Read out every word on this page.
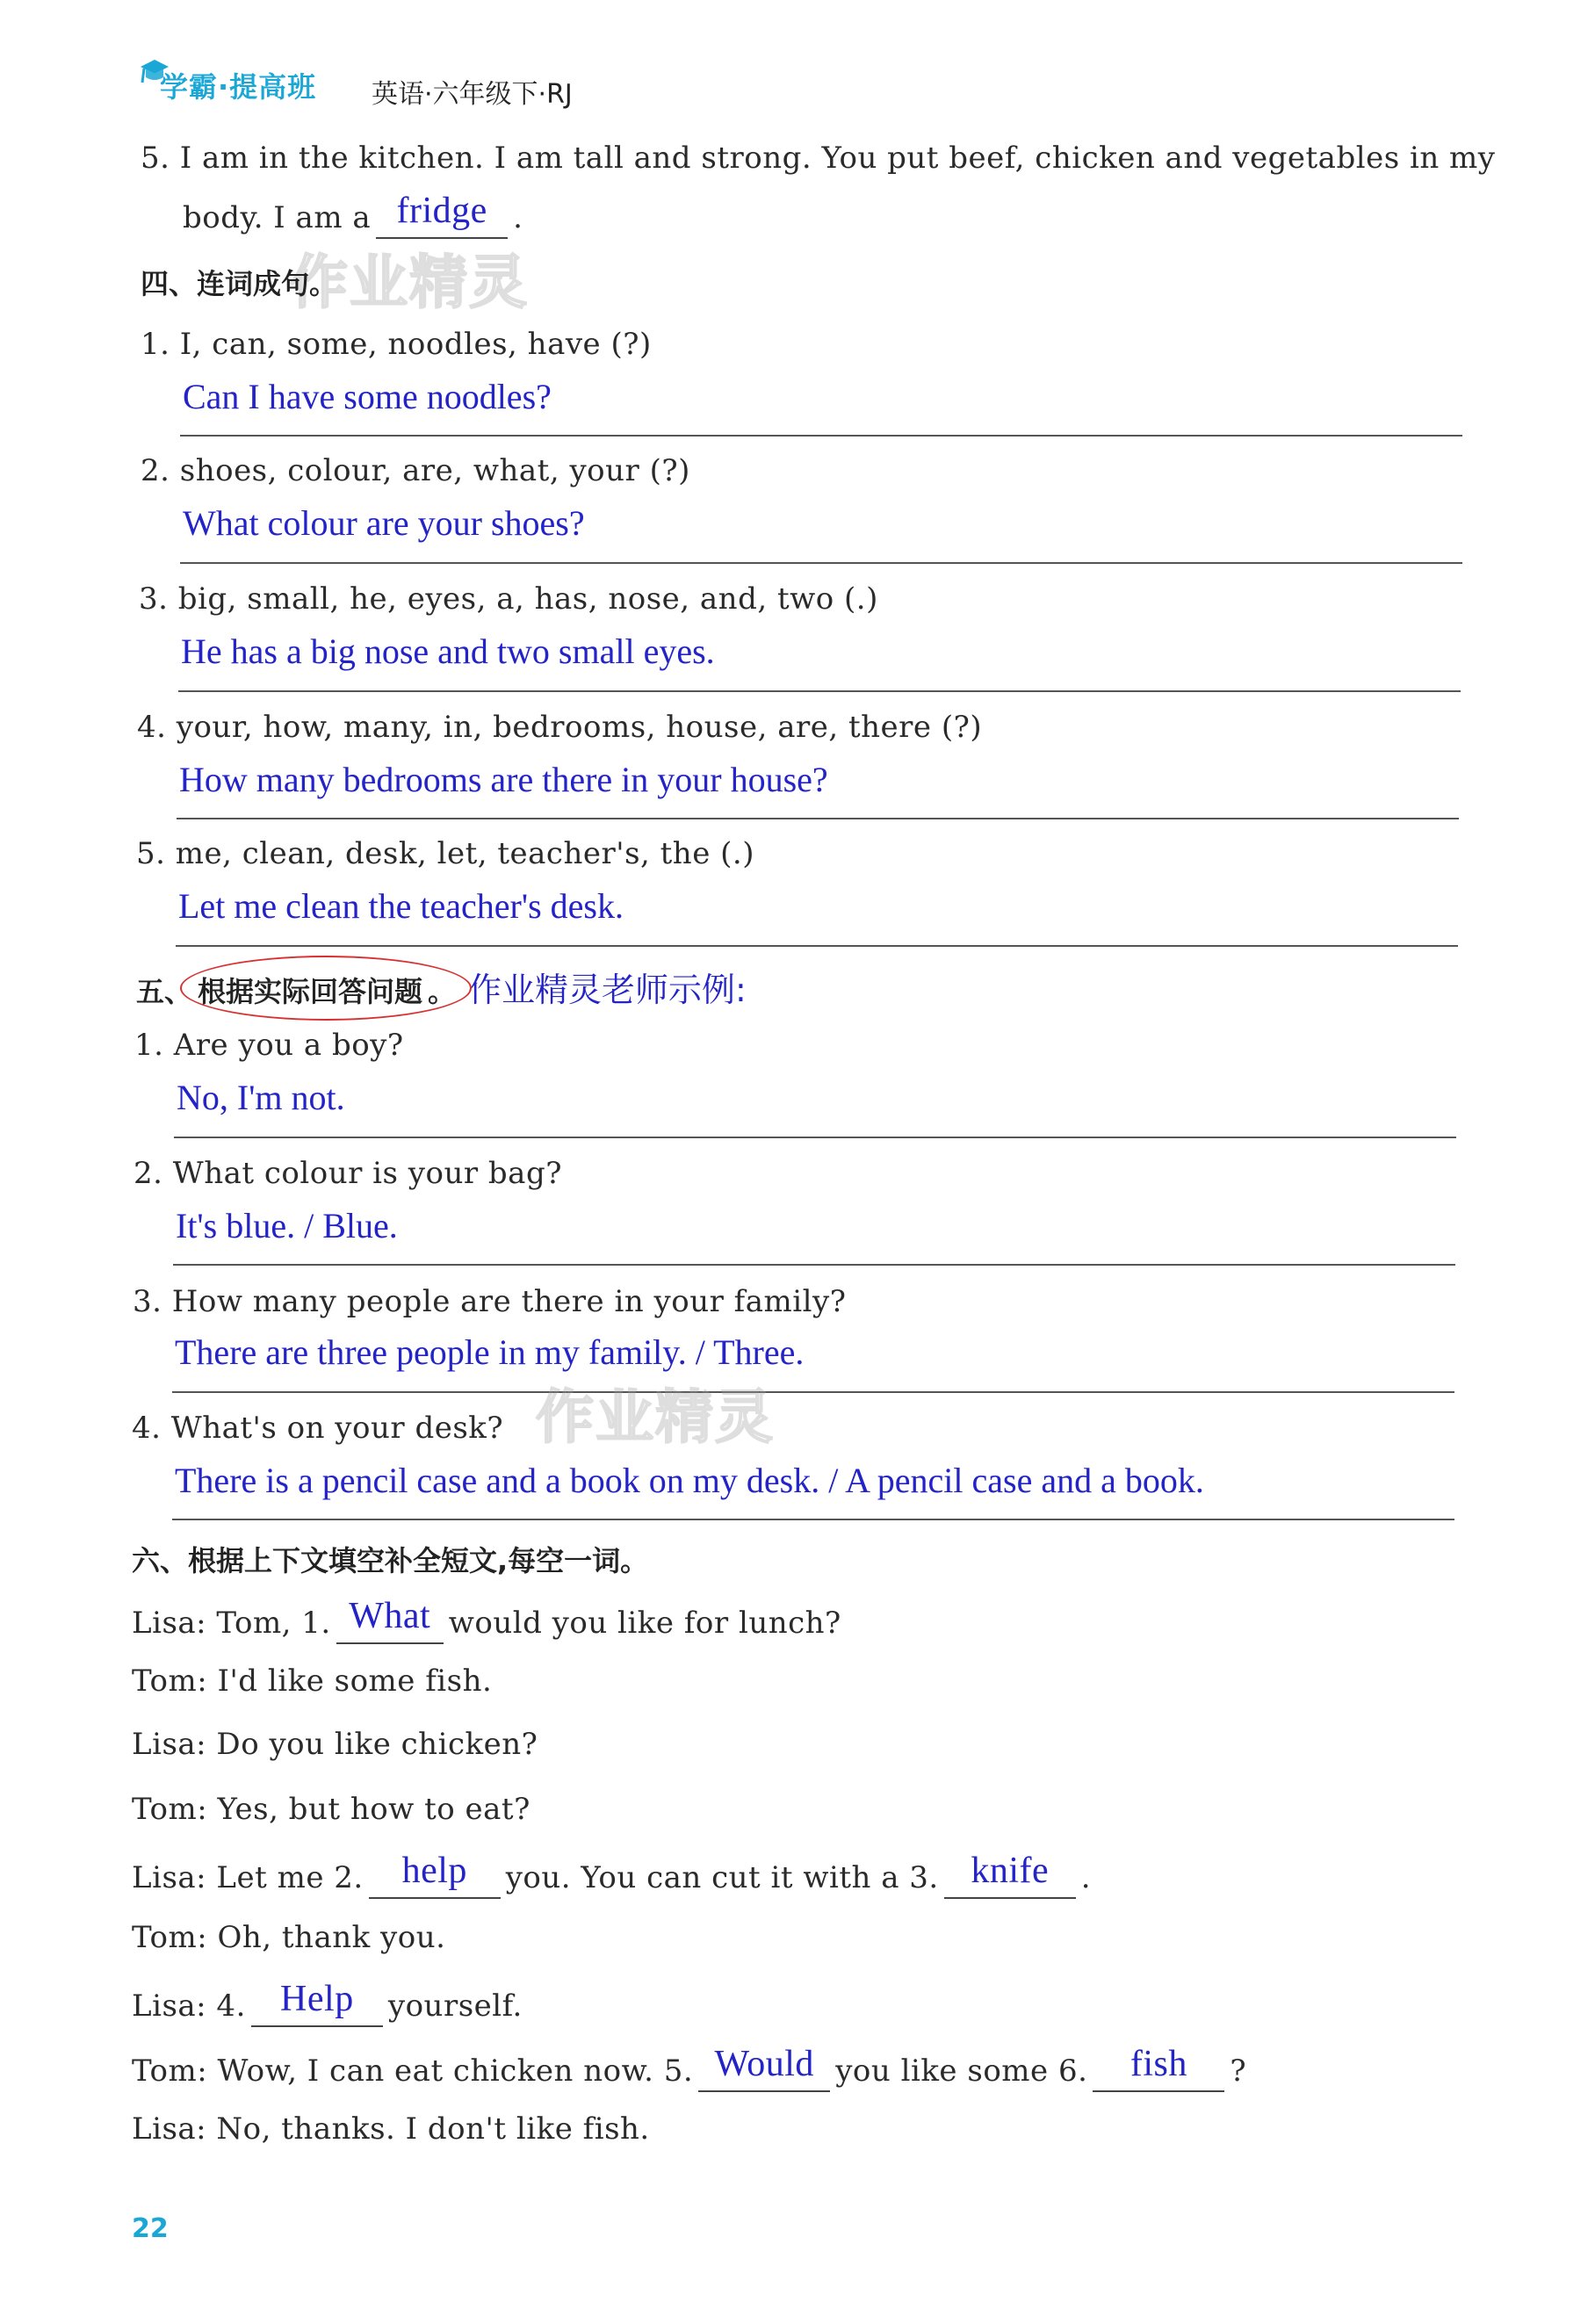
学霸·提高班 英语·六年级下·RJ
5. I am in the kitchen. I am tall and strong. You put beef, chicken and vegetables in my
body. I am a fridge .
作业精灵
四、连词成句。
1. I, can, some, noodles, have (?)
Can I have some noodles?
2. shoes, colour, are, what, your (?)
What colour are your shoes?
3. big, small, he, eyes, a, has, nose, and, two (.)
He has a big nose and two small eyes.
4. your, how, many, in, bedrooms, house, are, there (?)
How many bedrooms are there in your house?
5. me, clean, desk, let, teacher's, the (.)
Let me clean the teacher's desk.
五、 根据实际回答问题 。 作业精灵老师示例:
1. Are you a boy?
No, I'm not.
2. What colour is your bag?
It's blue. / Blue.
3. How many people are there in your family?
There are three people in my family. / Three.
作业精灵
4. What's on your desk?
There is a pencil case and a book on my desk. / A pencil case and a book.
六、根据上下文填空补全短文,每空一词。
Lisa: Tom, 1. What would you like for lunch?
Tom: I'd like some fish.
Lisa: Do you like chicken?
Tom: Yes, but how to eat?
Lisa: Let me 2. help you. You can cut it with a 3. knife .
Tom: Oh, thank you.
Lisa: 4. Help yourself.
Tom: Wow, I can eat chicken now. 5. Would you like some 6. fish ?
Lisa: No, thanks. I don't like fish.
22
